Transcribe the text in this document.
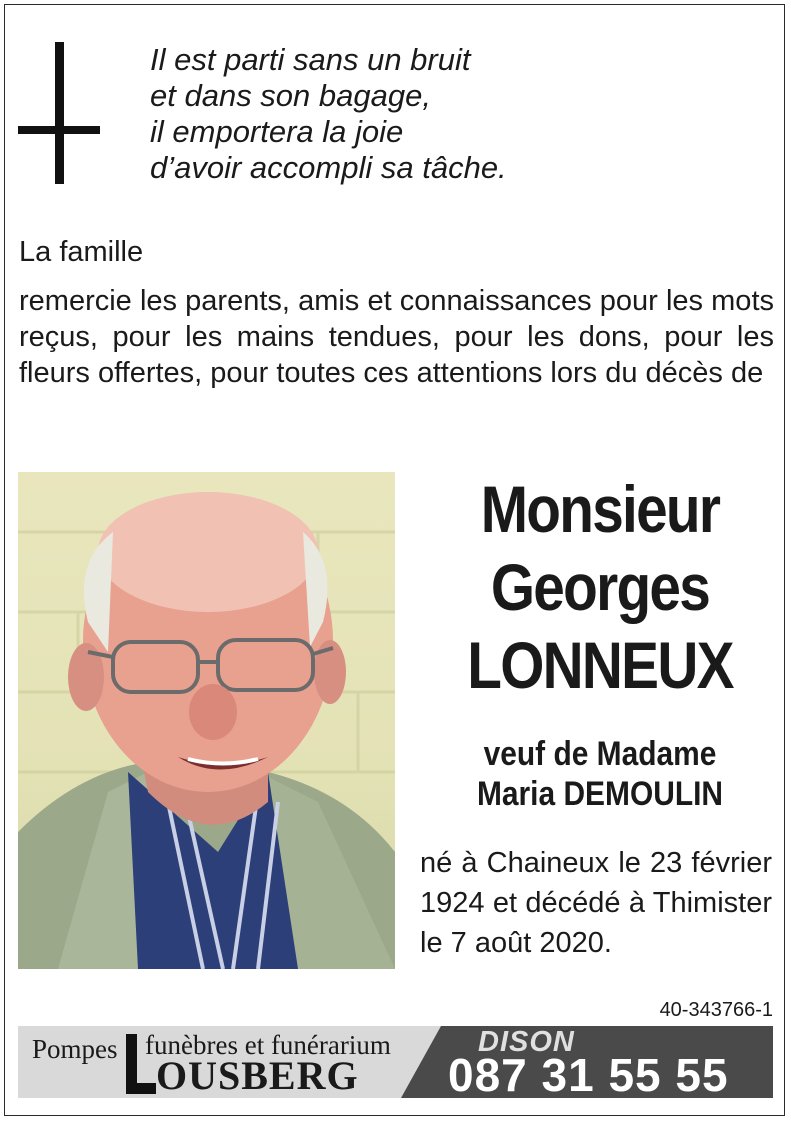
Il est parti sans un bruit
et dans son bagage,
il emportera la joie
d’avoir accompli sa tâche.
La famille
remercie les parents, amis et connaissances pour les mots reçus, pour les mains tendues, pour les dons, pour les fleurs offertes, pour toutes ces attentions lors du décès de
Monsieur
Georges
LONNEUX
veuf de Madame
Maria DEMOULIN
né à Chaineux le 23 février 1924 et décédé à Thimister le 7 août 2020.
40-343766-1
Pompes funèbres et funérarium
OUSBERG
DISON
087 31 55 55
